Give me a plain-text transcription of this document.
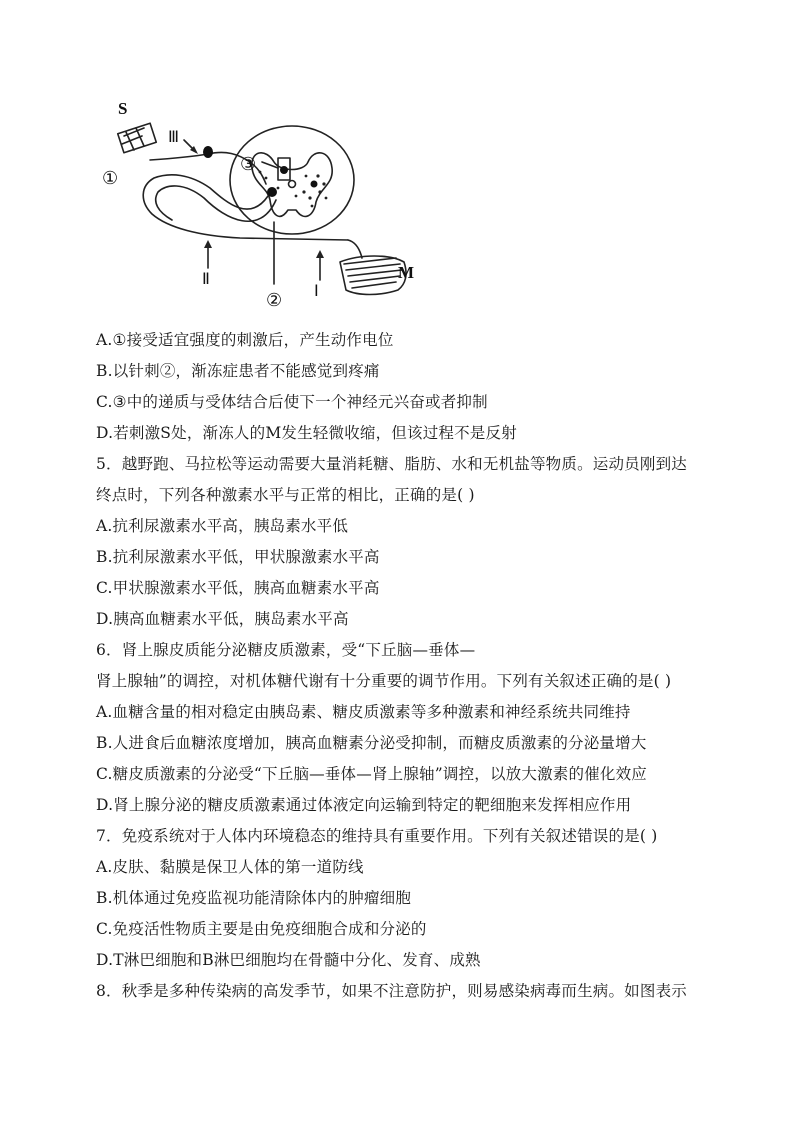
S
M
Ⅲ
Ⅱ
Ⅰ
①
②
③
A.①接受适宜强度的刺激后，产生动作电位
B.以针刺②，渐冻症患者不能感觉到疼痛
C.③中的递质与受体结合后使下一个神经元兴奋或者抑制
D.若刺激S处，渐冻人的M发生轻微收缩，但该过程不是反射
5．越野跑、马拉松等运动需要大量消耗糖、脂肪、水和无机盐等物质。运动员刚到达
终点时，下列各种激素水平与正常的相比，正确的是( )
A.抗利尿激素水平高，胰岛素水平低
B.抗利尿激素水平低，甲状腺激素水平高
C.甲状腺激素水平低，胰高血糖素水平高
D.胰高血糖素水平低，胰岛素水平高
6．肾上腺皮质能分泌糖皮质激素，受“下丘脑—垂体—
肾上腺轴”的调控，对机体糖代谢有十分重要的调节作用。下列有关叙述正确的是( )
A.血糖含量的相对稳定由胰岛素、糖皮质激素等多种激素和神经系统共同维持
B.人进食后血糖浓度增加，胰高血糖素分泌受抑制，而糖皮质激素的分泌量增大
C.糖皮质激素的分泌受“下丘脑—垂体—肾上腺轴”调控，以放大激素的催化效应
D.肾上腺分泌的糖皮质激素通过体液定向运输到特定的靶细胞来发挥相应作用
7．免疫系统对于人体内环境稳态的维持具有重要作用。下列有关叙述错误的是( )
A.皮肤、黏膜是保卫人体的第一道防线
B.机体通过免疫监视功能清除体内的肿瘤细胞
C.免疫活性物质主要是由免疫细胞合成和分泌的
D.T淋巴细胞和B淋巴细胞均在骨髓中分化、发育、成熟
8．秋季是多种传染病的高发季节，如果不注意防护，则易感染病毒而生病。如图表示
